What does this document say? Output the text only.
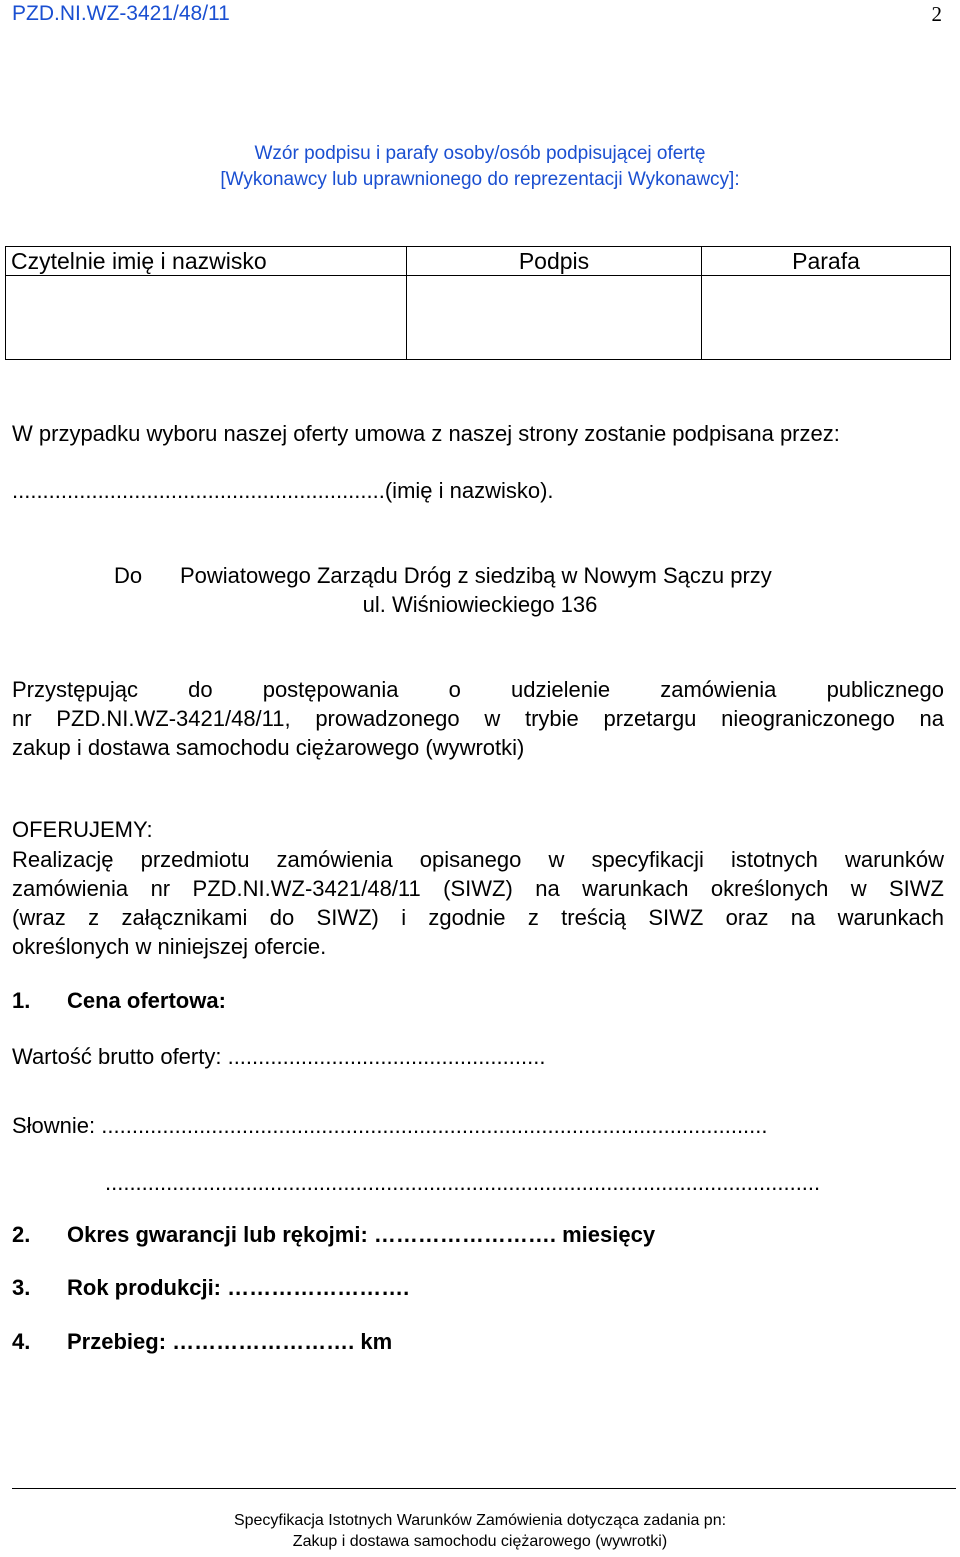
PZD.NI.WZ-3421/48/11	2
Wzór podpisu i parafy osoby/osób podpisującej ofertę
[Wykonawcy lub uprawnionego do reprezentacji Wykonawcy]:
Czytelnie imię i nazwisko	Podpis	Parafa

W przypadku wyboru naszej oferty umowa z naszej strony zostanie podpisana przez:
.............................................................(imię i nazwisko).
Do Powiatowego Zarządu Dróg z siedzibą w Nowym Sączu przy
ul. Wiśniowieckiego 136
Przystępując do postępowania o udzielenie zamówienia publicznego
nr PZD.NI.WZ-3421/48/11, prowadzonego w trybie przetargu nieograniczonego na
zakup i dostawa samochodu ciężarowego (wywrotki)
OFERUJEMY:
Realizację przedmiotu zamówienia opisanego w specyfikacji istotnych warunków
zamówienia nr PZD.NI.WZ-3421/48/11 (SIWZ) na warunkach określonych w SIWZ
(wraz z załącznikami do SIWZ) i zgodnie z treścią SIWZ oraz na warunkach
określonych w niniejszej ofercie.
1. Cena ofertowa:
Wartość brutto oferty: ....................................................
Słownie: .............................................................................................................
.....................................................................................................................
2. Okres gwarancji lub rękojmi: ……………………. miesięcy
3. Rok produkcji: …………………….
4. Przebieg: ……………………. km
Specyfikacja Istotnych Warunków Zamówienia dotycząca zadania pn:
Zakup i dostawa samochodu ciężarowego (wywrotki)
